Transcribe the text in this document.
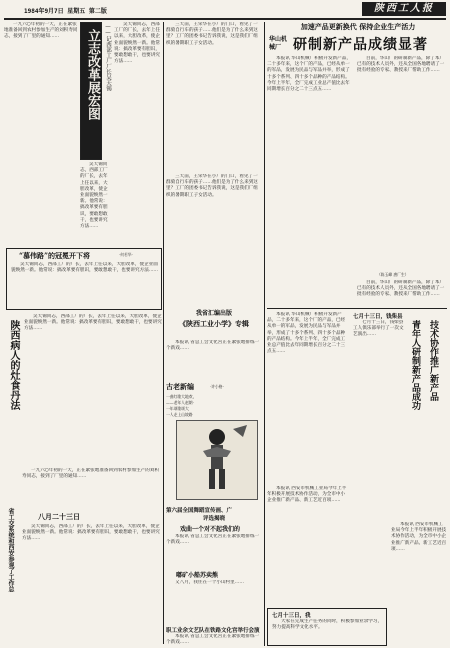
1984年9月7日 星期五 第二版	陕西工人报
立志改革展宏图 ——记西部工厂厂长吴天锡
一九六○年初的一天，正在紧张地准备回到农村参加生产的刘积寿同志，接到了厂里的通知……
吴天锡同志，西部工厂的厂长，去年上任以来，大胆改革，使企业面貌焕然一新。他常说：搞改革要有胆识，要敢想敢干，也要讲究方法……
吴天锡同志，西部工厂的厂长，去年上任以来，大胆改革，使企业面貌焕然一新。他常说：搞改革要有胆识，要敢想敢干，也要讲究方法……
“慕伟路”的冠冕开下将	·何若华·
吴天锡同志，西部工厂的厂长，去年上任以来，大胆改革，使企业面貌焕然一新。他常说：搞改革要有胆识，要敢想敢干，也要讲究方法……
陕西病人的灶食丹法
吴天锡同志，西部工厂的厂长，去年上任以来，大胆改革，使企业面貌焕然一新。他常说：搞改革要有胆识，要敢想敢干，也要讲究方法……
省工交系统和西安参观了工作总	八月二十三日
一九六○年初的一天，正在紧张地准备回到农村参加生产的刘积寿同志，接到了厂里的通知……
吴天锡同志，西部工厂的厂长，去年上任以来，大胆改革，使企业面貌焕然一新。他常说：搞改革要有胆识，要敢想敢干，也要讲究方法……
三天前，王荣华在小厂的门口，看见了一群骑自行车的孩子……他们是为了什么来到这里？工厂的团委书记告诉我说，这是我们厂组织的暑期职工子女活动。
三天前，王荣华在小厂的门口，看见了一群骑自行车的孩子……他们是为了什么来到这里？工厂的团委书记告诉我说，这是我们厂组织的暑期职工子女活动。
我省汇编出版
《陕西工业小学》专辑
本报讯 省总工会文化宫正在紧张地排练一个新戏……
古老新编	·许小格·
一曲红歌大地欢，
——老年人赵朗·
一年颂歌颂大
一人走上山坡路
第六届全国舞蹈宣传画、广
评选揭晓
戏曲一个对不起我们的
本报讯 省总工会文化宫正在紧张地排练一个新戏……
嘟矿小船苏卖熊
又八月，我住在一个小山村里……
职工业余文艺队在铁路文化宫举行会演
本报讯 省总工会文化宫正在紧张地排练一个新戏……
加速产品更新换代 保持企业生产活力
华山机械厂 研制新产品成绩显著
本报讯 华山机械厂积极开发新产品，二十多年来，这个厂的产品，已经从单一的军品，发展为民品与军品并举，形成了十多个系列、四十多个品种的产品结构。今年上半年，全厂完成工业总产值比去年同期增长百分之二十三点五……
目前，华山厂的研制新产品，除了本厂已有的技术人员外，还从全国各地聘请了一批有经验的专家、教授来厂帮助工作……
（陈玉峰 唐厂生）
目前，华山厂的研制新产品，除了本厂已有的技术人员外，还从全国各地聘请了一批有经验的专家、教授来厂帮助工作……
本报讯 华山机械厂积极开发新产品，二十多年来，这个厂的产品，已经从单一的军品，发展为民品与军品并举，形成了十多个系列、四十多个品种的产品结构。今年上半年，全厂完成工业总产值比去年同期增长百分之二十三点五……
七月十三日，钱柴县
七月十三日，钱柴县工人俱乐部举行了一次文艺演出……	青年人研制新产品成功 技术协作推广新产品
本报讯 西安市机械工业局今年上半年积极开展技术协作活动，为全市中小企业推广新产品、新工艺近百项……
七月十三日，我
大家在完成生产任务的同时，积极参加业余学习，努力提高科学文化水平。
本报讯 西安市机械工业局今年上半年积极开展技术协作活动，为全市中小企业推广新产品、新工艺近百项……
